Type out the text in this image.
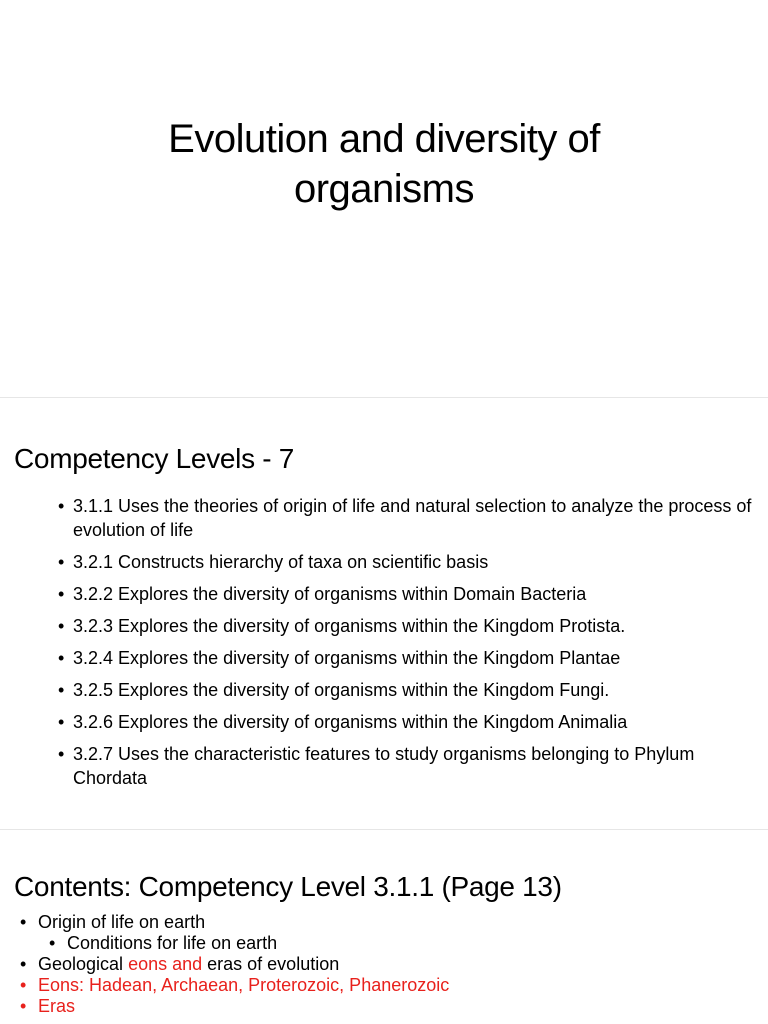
Evolution and diversity of
organisms
Competency Levels - 7
• 3.1.1 Uses the theories of origin of life and natural selection to analyze the process of evolution of life
• 3.2.1 Constructs hierarchy of taxa on scientific basis
• 3.2.2 Explores the diversity of organisms within Domain Bacteria
• 3.2.3 Explores the diversity of organisms within the Kingdom Protista.
• 3.2.4 Explores the diversity of organisms within the Kingdom Plantae
• 3.2.5 Explores the diversity of organisms within the Kingdom Fungi.
• 3.2.6 Explores the diversity of organisms within the Kingdom Animalia
• 3.2.7 Uses the characteristic features to study organisms belonging to Phylum Chordata
Contents: Competency Level 3.1.1 (Page 13)
• Origin of life on earth
• Conditions for life on earth
• Geological eons and eras of evolution
• Eons: Hadean, Archaean, Proterozoic, Phanerozoic
• Eras
